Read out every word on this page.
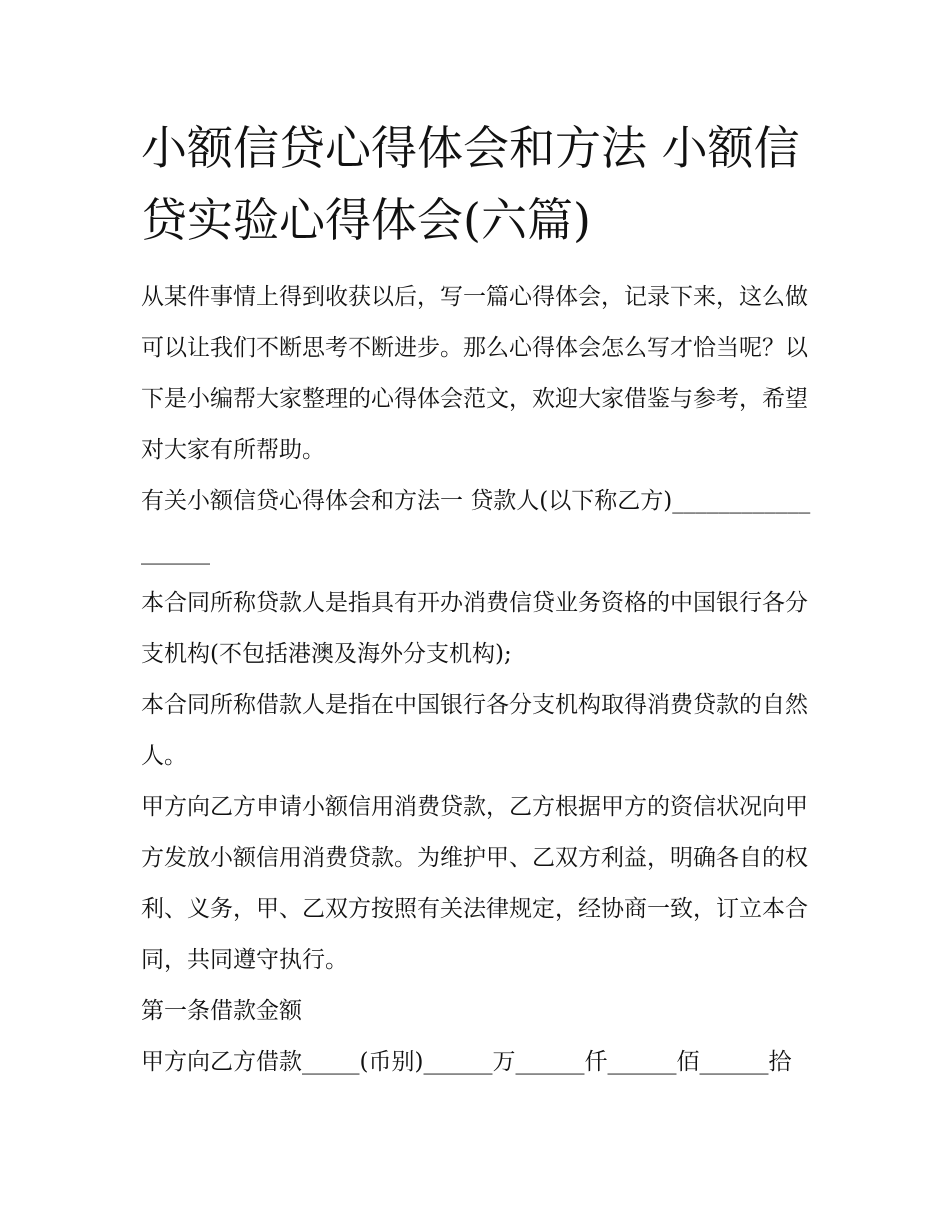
小额信贷心得体会和方法 小额信贷实验心得体会(六篇)

从某件事情上得到收获以后，写一篇心得体会，记录下来，这么做可以让我们不断思考不断进步。那么心得体会怎么写才恰当呢？以下是小编帮大家整理的心得体会范文，欢迎大家借鉴与参考，希望对大家有所帮助。

有关小额信贷心得体会和方法一 贷款人(以下称乙方)__________________

本合同所称贷款人是指具有开办消费信贷业务资格的中国银行各分支机构(不包括港澳及海外分支机构);

本合同所称借款人是指在中国银行各分支机构取得消费贷款的自然人。

甲方向乙方申请小额信用消费贷款，乙方根据甲方的资信状况向甲方发放小额信用消费贷款。为维护甲、乙双方利益，明确各自的权利、义务，甲、乙双方按照有关法律规定，经协商一致，订立本合同，共同遵守执行。

第一条借款金额

甲方向乙方借款_____(币别)______万______仟______佰______拾
